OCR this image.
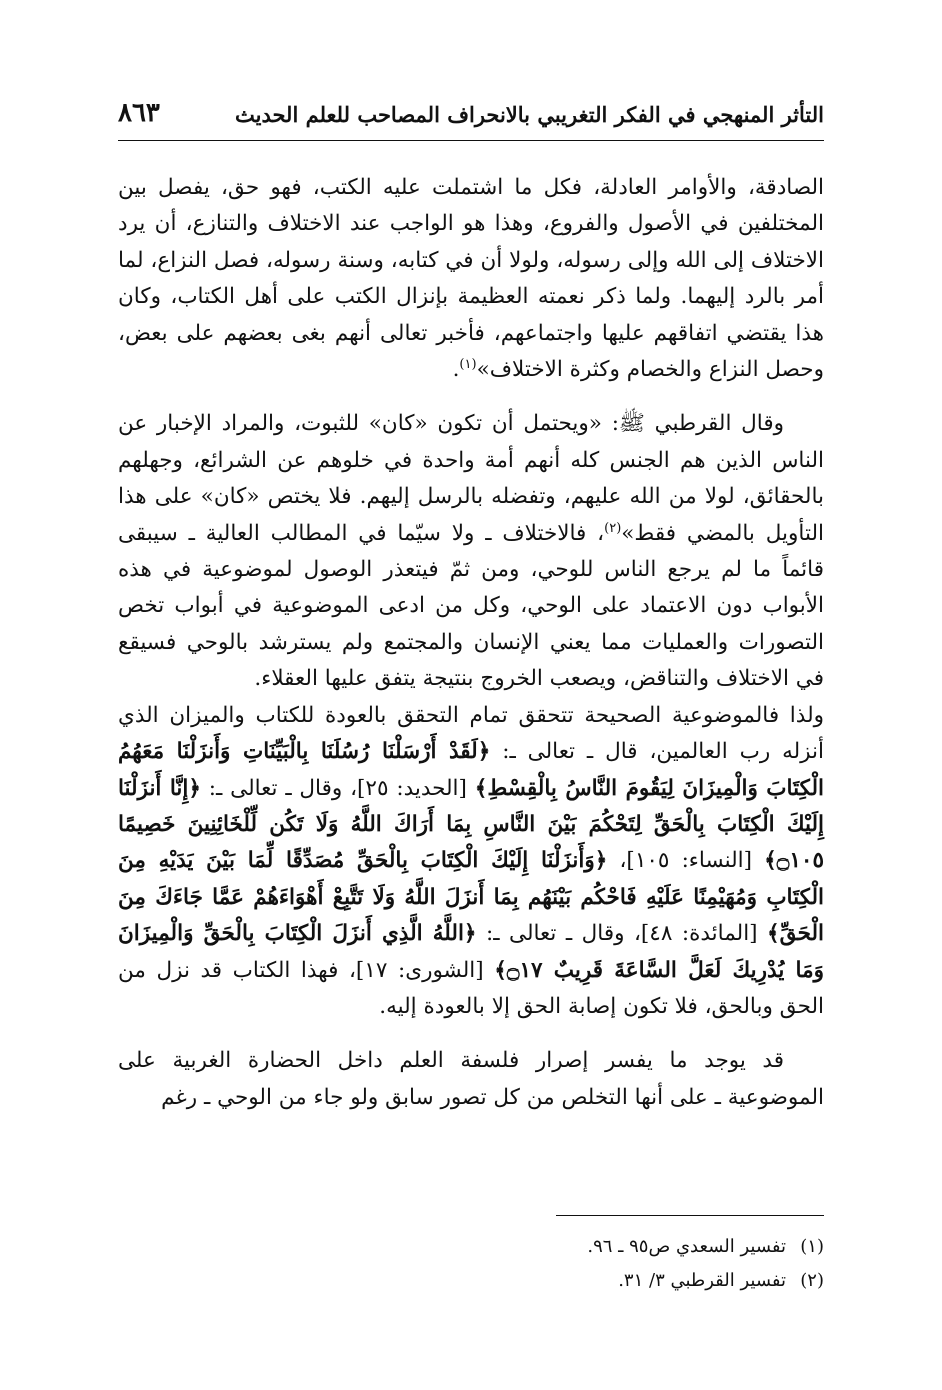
التأثر المنهجي في الفكر التغريبي بالانحراف المصاحب للعلم الحديث
٨٦٣

الصادقة، والأوامر العادلة، فكل ما اشتملت عليه الكتب، فهو حق، يفصل بين المختلفين في الأصول والفروع، وهذا هو الواجب عند الاختلاف والتنازع، أن يرد الاختلاف إلى الله وإلى رسوله، ولولا أن في كتابه، وسنة رسوله، فصل النزاع، لما أمر بالرد إليهما. ولما ذكر نعمته العظيمة بإنزال الكتب على أهل الكتاب، وكان هذا يقتضي اتفاقهم عليها واجتماعهم، فأخبر تعالى أنهم بغى بعضهم على بعض، وحصل النزاع والخصام وكثرة الاختلاف»$^{(١)}$.

وقال القرطبي ﷺ: «ويحتمل أن تكون «كان» للثبوت، والمراد الإخبار عن الناس الذين هم الجنس كله أنهم أمة واحدة في خلوهم عن الشرائع، وجهلهم بالحقائق، لولا من الله عليهم، وتفضله بالرسل إليهم. فلا يختص «كان» على هذا التأويل بالمضي فقط»$^{(٢)}$، فالاختلاف ـ ولا سيّما في المطالب العالية ـ سيبقى قائماً ما لم يرجع الناس للوحي، ومن ثمّ فيتعذر الوصول لموضوعية في هذه الأبواب دون الاعتماد على الوحي، وكل من ادعى الموضوعية في أبواب تخص التصورات والعمليات مما يعني الإنسان والمجتمع ولم يسترشد بالوحي فسيقع في الاختلاف والتناقض، ويصعب الخروج بنتيجة يتفق عليها العقلاء.

ولذا فالموضوعية الصحيحة تتحقق تمام التحقق بالعودة للكتاب والميزان الذي أنزله رب العالمين، قال ـ تعالى ـ: ﴿لَقَدْ أَرْسَلْنَا رُسُلَنَا بِالْبَيِّنَاتِ وَأَنزَلْنَا مَعَهُمُ الْكِتَابَ وَالْمِيزَانَ لِيَقُومَ النَّاسُ بِالْقِسْطِ﴾ [الحديد: ٢٥]، وقال ـ تعالى ـ: ﴿إِنَّا أَنزَلْنَا إِلَيْكَ الْكِتَابَ بِالْحَقِّ لِتَحْكُمَ بَيْنَ النَّاسِ بِمَا أَرَاكَ اللَّهُ وَلَا تَكُن لِّلْخَائِنِينَ خَصِيمًا ۝١٠٥﴾ [النساء: ١٠٥]، ﴿وَأَنزَلْنَا إِلَيْكَ الْكِتَابَ بِالْحَقِّ مُصَدِّقًا لِّمَا بَيْنَ يَدَيْهِ مِنَ الْكِتَابِ وَمُهَيْمِنًا عَلَيْهِ فَاحْكُم بَيْنَهُم بِمَا أَنزَلَ اللَّهُ وَلَا تَتَّبِعْ أَهْوَاءَهُمْ عَمَّا جَاءَكَ مِنَ الْحَقِّ﴾ [المائدة: ٤٨]، وقال ـ تعالى ـ: ﴿اللَّهُ الَّذِي أَنزَلَ الْكِتَابَ بِالْحَقِّ وَالْمِيزَانَ وَمَا يُدْرِيكَ لَعَلَّ السَّاعَةَ قَرِيبٌ ۝١٧﴾ [الشورى: ١٧]، فهذا الكتاب قد نزل من الحق وبالحق، فلا تكون إصابة الحق إلا بالعودة إليه.

قد يوجد ما يفسر إصرار فلسفة العلم داخل الحضارة الغربية على الموضوعية ـ على أنها التخلص من كل تصور سابق ولو جاء من الوحي ـ رغم

(١)
تفسير السعدي ص٩٥ ـ ٩٦.
(٢)
تفسير القرطبي ٣/ ٣١.
